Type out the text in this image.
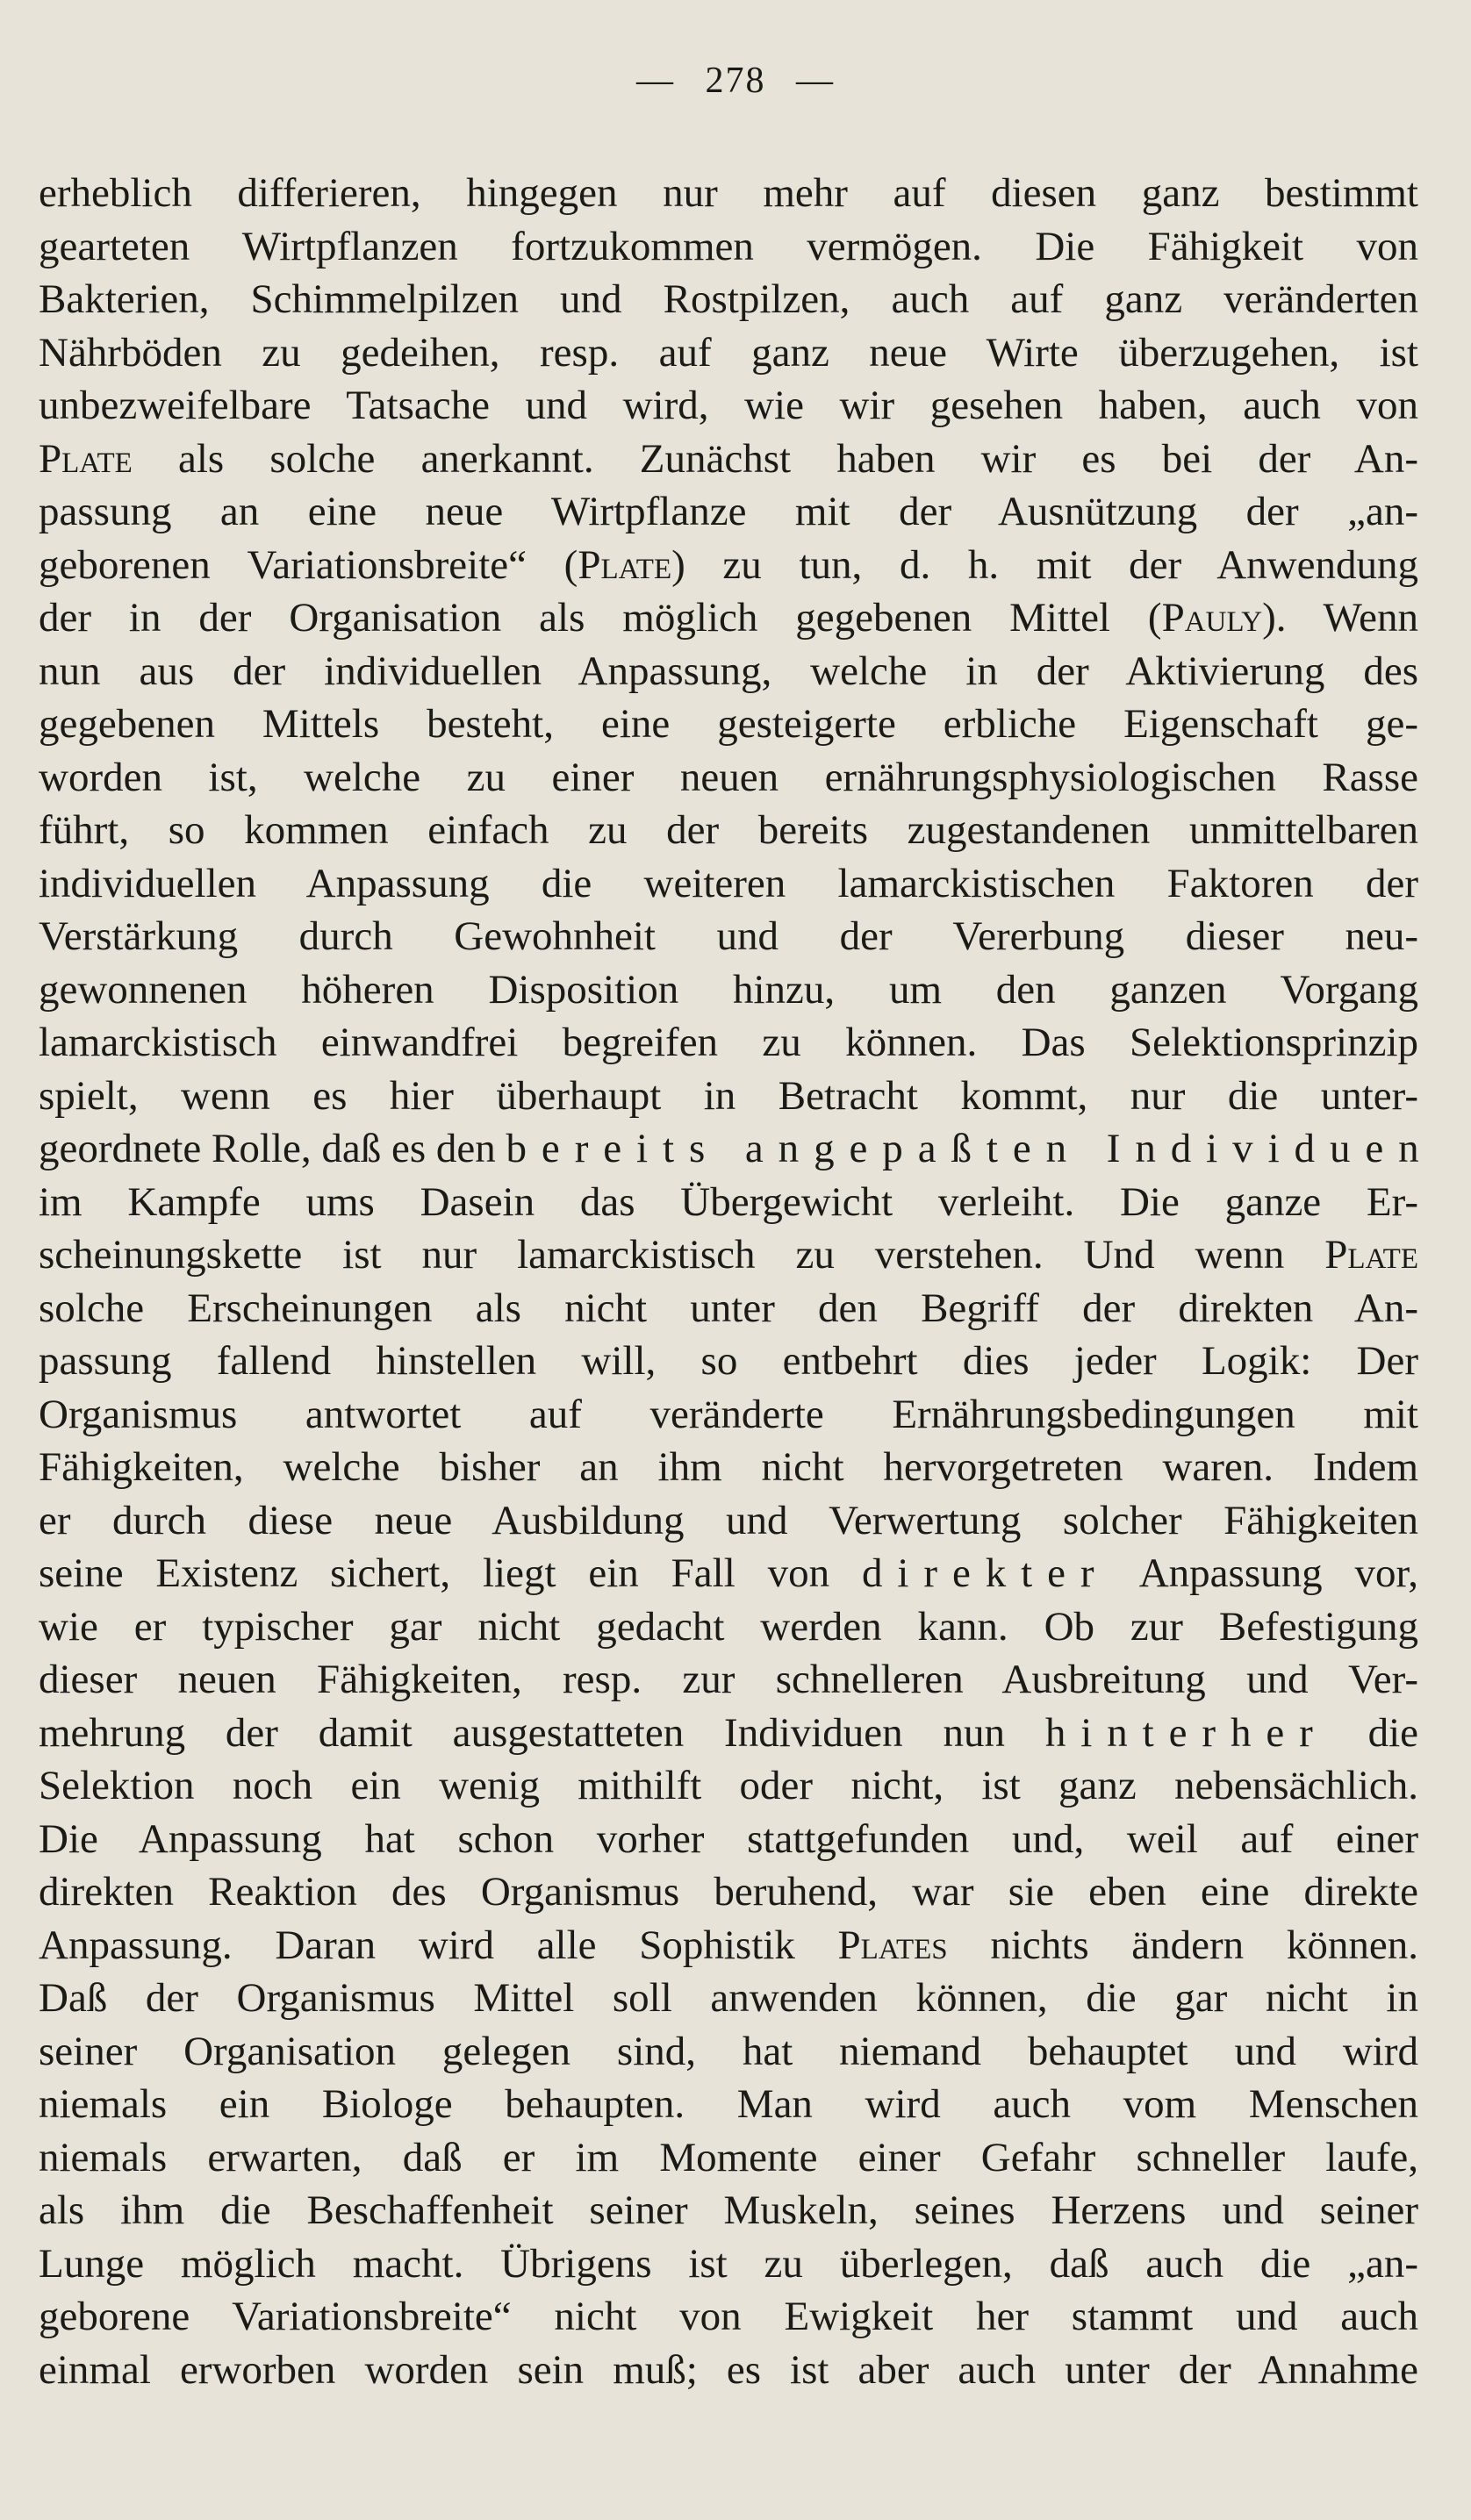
— 278 —
erheblich differieren, hingegen nur mehr auf diesen ganz bestimmt
gearteten Wirtpflanzen fortzukommen vermögen. Die Fähigkeit von
Bakterien, Schimmelpilzen und Rostpilzen, auch auf ganz veränderten
Nährböden zu gedeihen, resp. auf ganz neue Wirte überzugehen, ist
unbezweifelbare Tatsache und wird, wie wir gesehen haben, auch von
Plate als solche anerkannt. Zunächst haben wir es bei der An-
passung an eine neue Wirtpflanze mit der Ausnützung der „an-
geborenen Variationsbreite“ (Plate) zu tun, d. h. mit der Anwendung
der in der Organisation als möglich gegebenen Mittel (Pauly). Wenn
nun aus der individuellen Anpassung, welche in der Aktivierung des
gegebenen Mittels besteht, eine gesteigerte erbliche Eigenschaft ge-
worden ist, welche zu einer neuen ernährungsphysiologischen Rasse
führt, so kommen einfach zu der bereits zugestandenen unmittelbaren
individuellen Anpassung die weiteren lamarckistischen Faktoren der
Verstärkung durch Gewohnheit und der Vererbung dieser neu-
gewonnenen höheren Disposition hinzu, um den ganzen Vorgang
lamarckistisch einwandfrei begreifen zu können. Das Selektionsprinzip
spielt, wenn es hier überhaupt in Betracht kommt, nur die unter-
geordnete Rolle, daß es den bereits angepaßten Individuen
im Kampfe ums Dasein das Übergewicht verleiht. Die ganze Er-
scheinungskette ist nur lamarckistisch zu verstehen. Und wenn Plate
solche Erscheinungen als nicht unter den Begriff der direkten An-
passung fallend hinstellen will, so entbehrt dies jeder Logik: Der
Organismus antwortet auf veränderte Ernährungsbedingungen mit
Fähigkeiten, welche bisher an ihm nicht hervorgetreten waren. Indem
er durch diese neue Ausbildung und Verwertung solcher Fähigkeiten
seine Existenz sichert, liegt ein Fall von direkter Anpassung vor,
wie er typischer gar nicht gedacht werden kann. Ob zur Befestigung
dieser neuen Fähigkeiten, resp. zur schnelleren Ausbreitung und Ver-
mehrung der damit ausgestatteten Individuen nun hinterher die
Selektion noch ein wenig mithilft oder nicht, ist ganz nebensächlich.
Die Anpassung hat schon vorher stattgefunden und, weil auf einer
direkten Reaktion des Organismus beruhend, war sie eben eine direkte
Anpassung. Daran wird alle Sophistik Plates nichts ändern können.
Daß der Organismus Mittel soll anwenden können, die gar nicht in
seiner Organisation gelegen sind, hat niemand behauptet und wird
niemals ein Biologe behaupten. Man wird auch vom Menschen
niemals erwarten, daß er im Momente einer Gefahr schneller laufe,
als ihm die Beschaffenheit seiner Muskeln, seines Herzens und seiner
Lunge möglich macht. Übrigens ist zu überlegen, daß auch die „an-
geborene Variationsbreite“ nicht von Ewigkeit her stammt und auch
einmal erworben worden sein muß; es ist aber auch unter der Annahme
